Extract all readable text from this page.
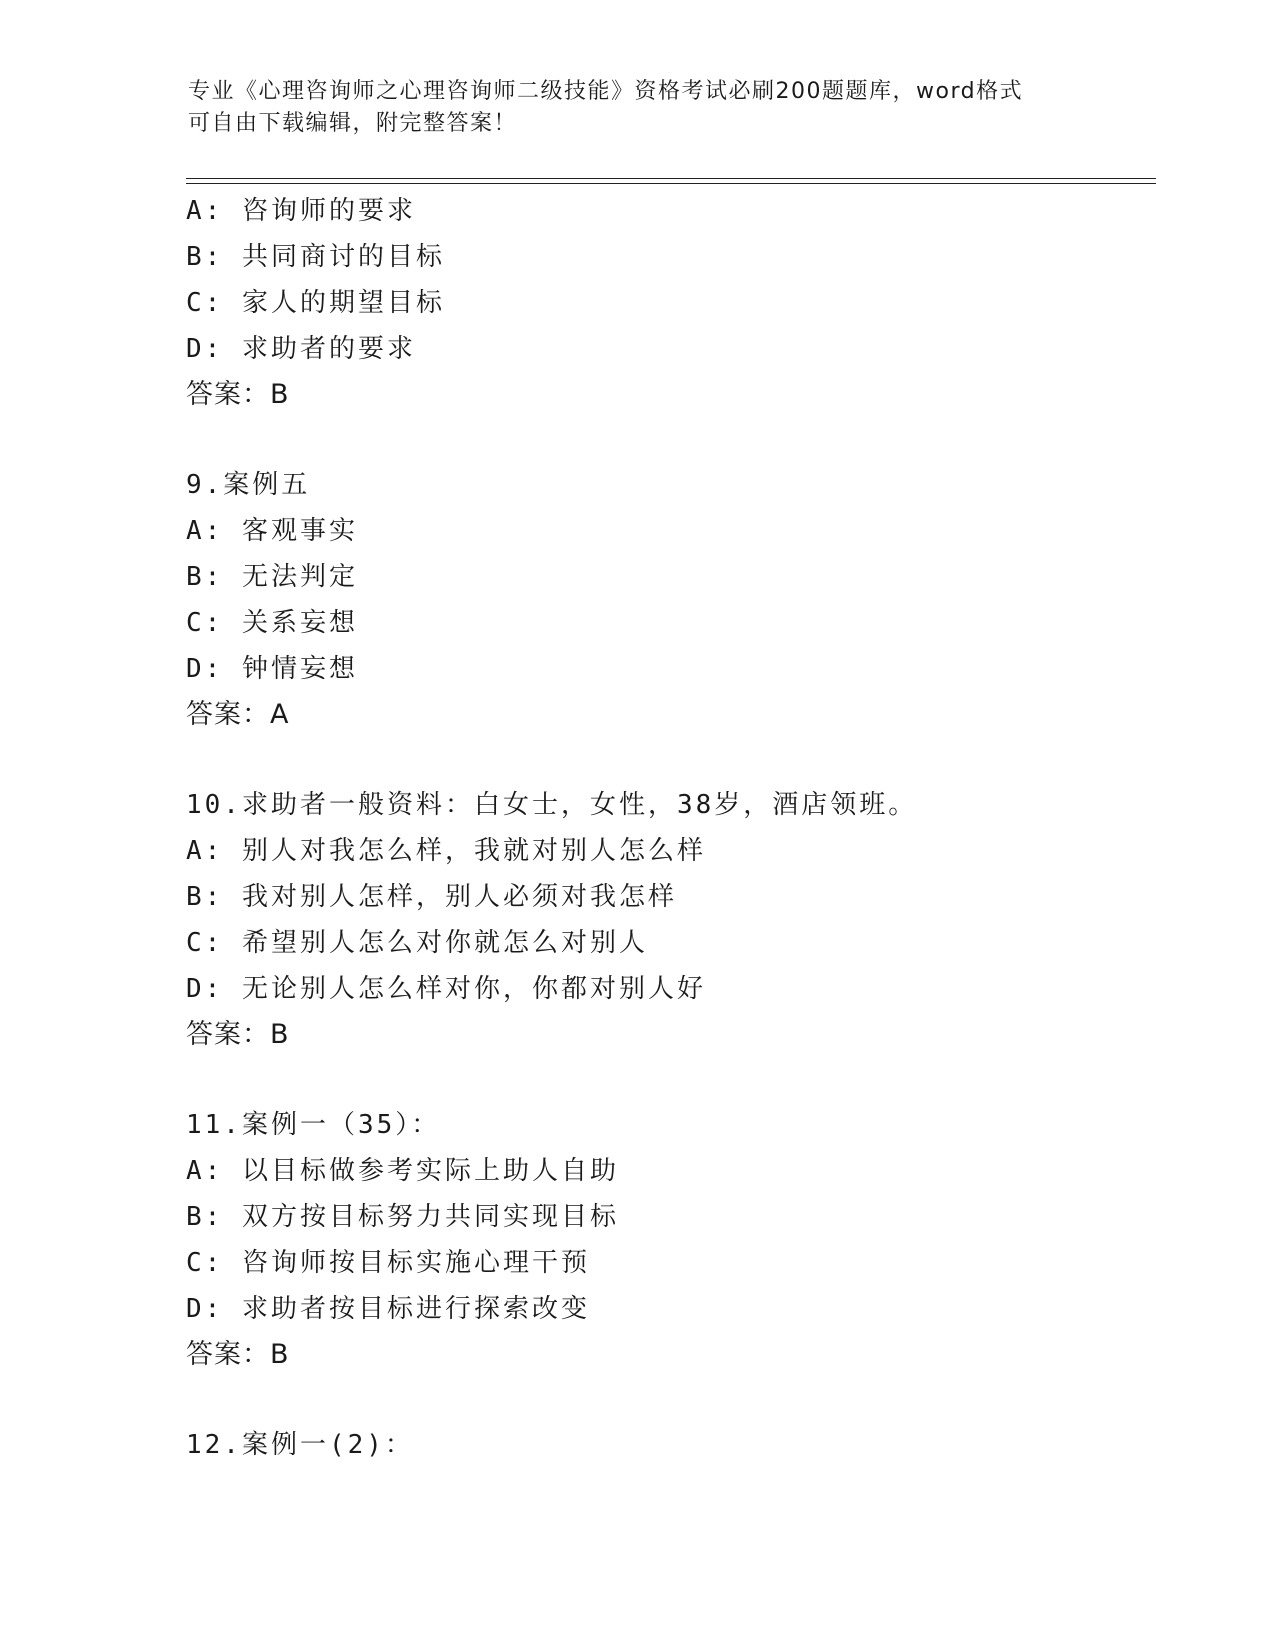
专业《心理咨询师之心理咨询师二级技能》资格考试必刷200题题库，word格式
可自由下载编辑，附完整答案！
A: 咨询师的要求
B: 共同商讨的目标
C: 家人的期望目标
D: 求助者的要求
答案：B
9.案例五
A: 客观事实
B: 无法判定
C: 关系妄想
D: 钟情妄想
答案：A
10.求助者一般资料：白女士，女性，38岁，酒店领班。
A: 别人对我怎么样，我就对别人怎么样
B: 我对别人怎样，别人必须对我怎样
C: 希望别人怎么对你就怎么对别人
D: 无论别人怎么样对你，你都对别人好
答案：B
11.案例一（35）：
A: 以目标做参考实际上助人自助
B: 双方按目标努力共同实现目标
C: 咨询师按目标实施心理干预
D: 求助者按目标进行探索改变
答案：B
12.案例一(2)：
